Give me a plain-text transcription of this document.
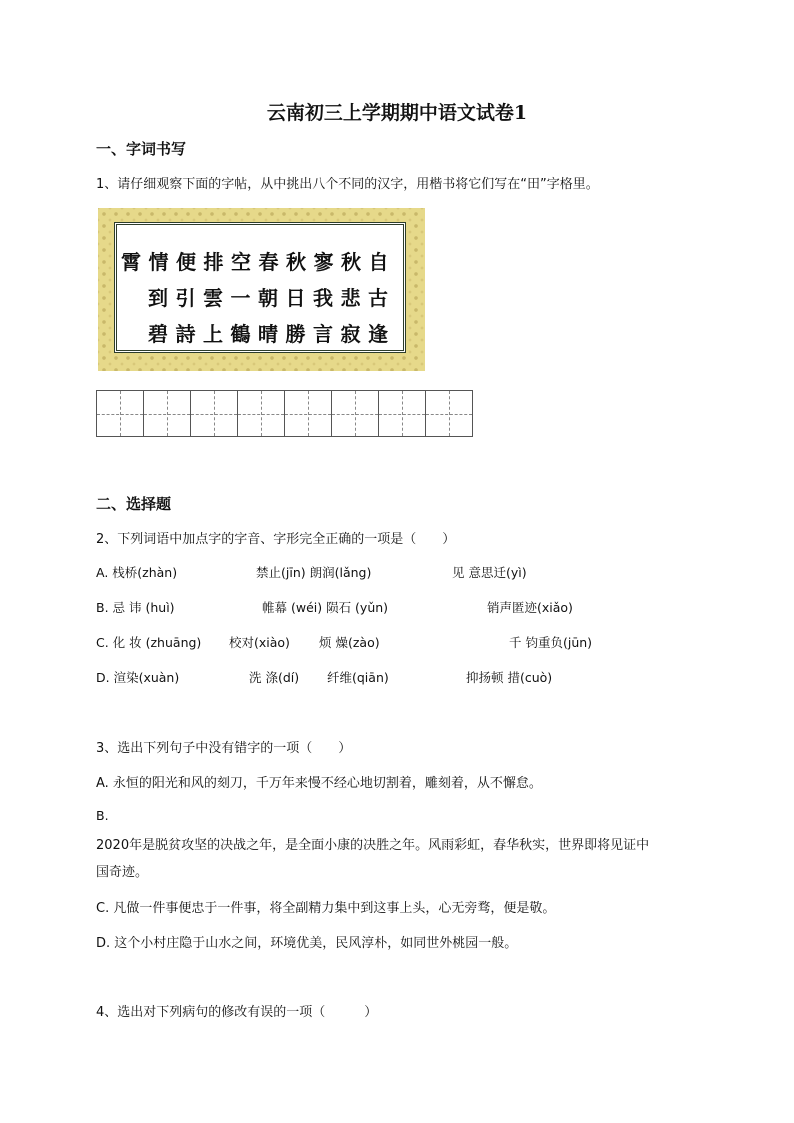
云南初三上学期期中语文试卷1
一、字词书写
1、请仔细观察下面的字帖，从中挑出八个不同的汉字，用楷书将它们写在“田”字格里。
霄情便排空春秋寥秋自
到引雲一朝日我悲古
碧詩上鶴晴勝言寂逢
二、选择题
2、下列词语中加点字的字音、字形完全正确的一项是（　　）
A. 栈桥(zhàn)	禁止(jīn) 朗润(lǎng)	见 意思迁(yì)
B. 忌 讳 (huì)	帷幕 (wéi) 陨石 (yǔn)	销声匿迹(xiǎo)
C. 化 妆 (zhuāng) 校对(xiào) 烦 燥(zào)	千 钧重负(jūn)
D. 渲染(xuàn)	洗 涤(dí) 纤维(qiān)	抑扬顿 措(cuò)
3、选出下列句子中没有错字的一项（　　）
A. 永恒的阳光和风的刻刀，千万年来慢不经心地切割着，雕刻着，从不懈怠。
B.
2020年是脱贫攻坚的决战之年，是全面小康的决胜之年。风雨彩虹，春华秋实，世界即将见证中
国奇迹。
C. 凡做一件事便忠于一件事，将全副精力集中到这事上头，心无旁骛，便是敬。
D. 这个小村庄隐于山水之间，环境优美，民风淳朴，如同世外桃园一般。
4、选出对下列病句的修改有误的一项（　　　）
